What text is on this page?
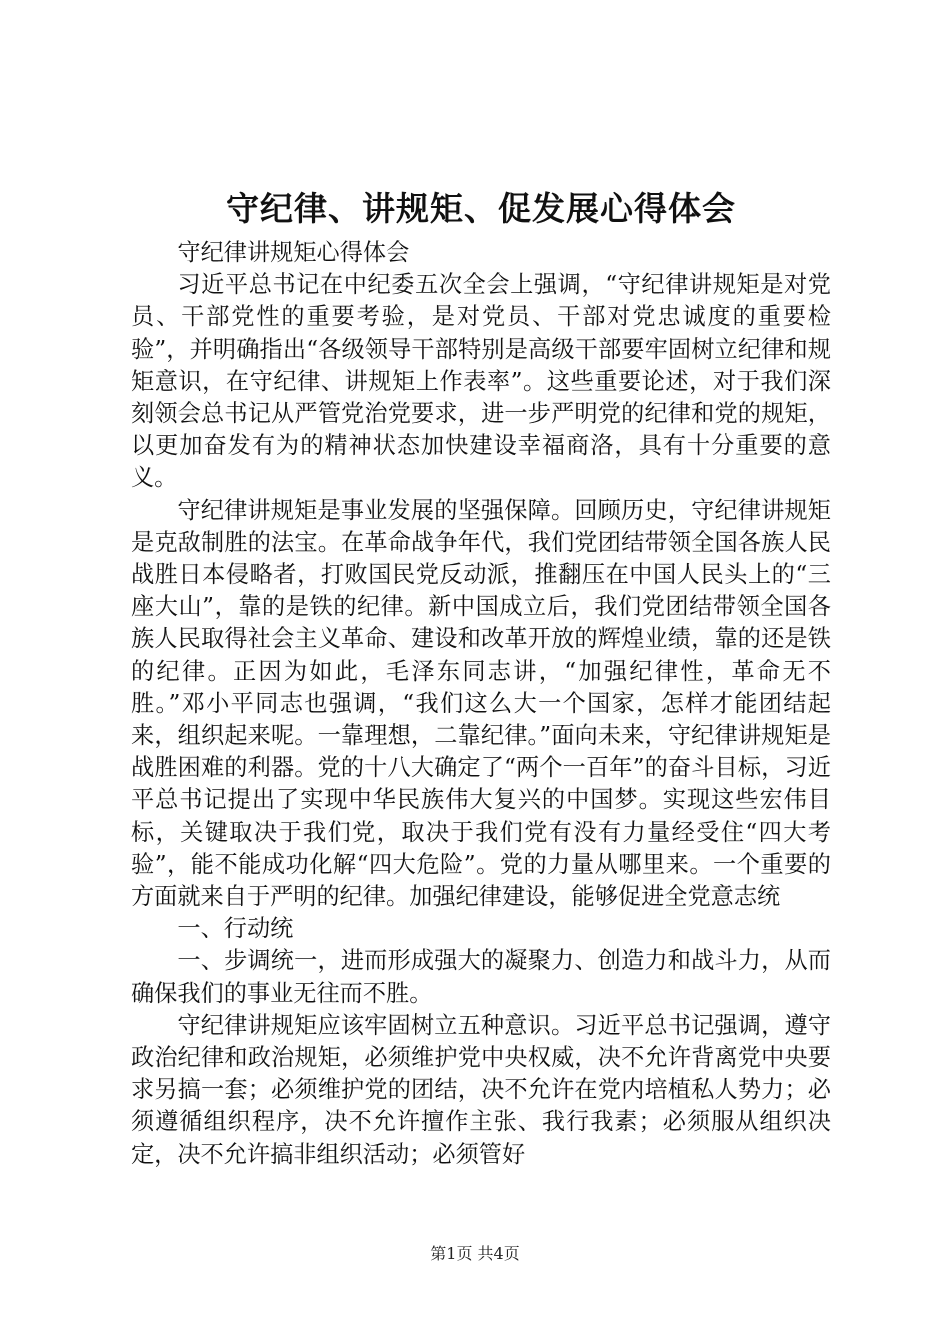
守纪律、讲规矩、促发展心得体会

守纪律讲规矩心得体会

习近平总书记在中纪委五次全会上强调，“守纪律讲规矩是对党员、干部党性的重要考验，是对党员、干部对党忠诚度的重要检验”，并明确指出“各级领导干部特别是高级干部要牢固树立纪律和规矩意识，在守纪律、讲规矩上作表率”。这些重要论述，对于我们深刻领会总书记从严管党治党要求，进一步严明党的纪律和党的规矩，以更加奋发有为的精神状态加快建设幸福商洛，具有十分重要的意义。

守纪律讲规矩是事业发展的坚强保障。回顾历史，守纪律讲规矩是克敌制胜的法宝。在革命战争年代，我们党团结带领全国各族人民战胜日本侵略者，打败国民党反动派，推翻压在中国人民头上的“三座大山”，靠的是铁的纪律。新中国成立后，我们党团结带领全国各族人民取得社会主义革命、建设和改革开放的辉煌业绩，靠的还是铁的纪律。正因为如此，毛泽东同志讲，“加强纪律性，革命无不胜。”邓小平同志也强调，“我们这么大一个国家，怎样才能团结起来，组织起来呢。一靠理想，二靠纪律。”面向未来，守纪律讲规矩是战胜困难的利器。党的十八大确定了“两个一百年”的奋斗目标，习近平总书记提出了实现中华民族伟大复兴的中国梦。实现这些宏伟目标，关键取决于我们党，取决于我们党有没有力量经受住“四大考验”，能不能成功化解“四大危险”。党的力量从哪里来。一个重要的方面就来自于严明的纪律。加强纪律建设，能够促进全党意志统

一、行动统

一、步调统一，进而形成强大的凝聚力、创造力和战斗力，从而确保我们的事业无往而不胜。

守纪律讲规矩应该牢固树立五种意识。习近平总书记强调，遵守政治纪律和政治规矩，必须维护党中央权威，决不允许背离党中央要求另搞一套；必须维护党的团结，决不允许在党内培植私人势力；必须遵循组织程序，决不允许擅作主张、我行我素；必须服从组织决定，决不允许搞非组织活动；必须管好

第1页 共4页
